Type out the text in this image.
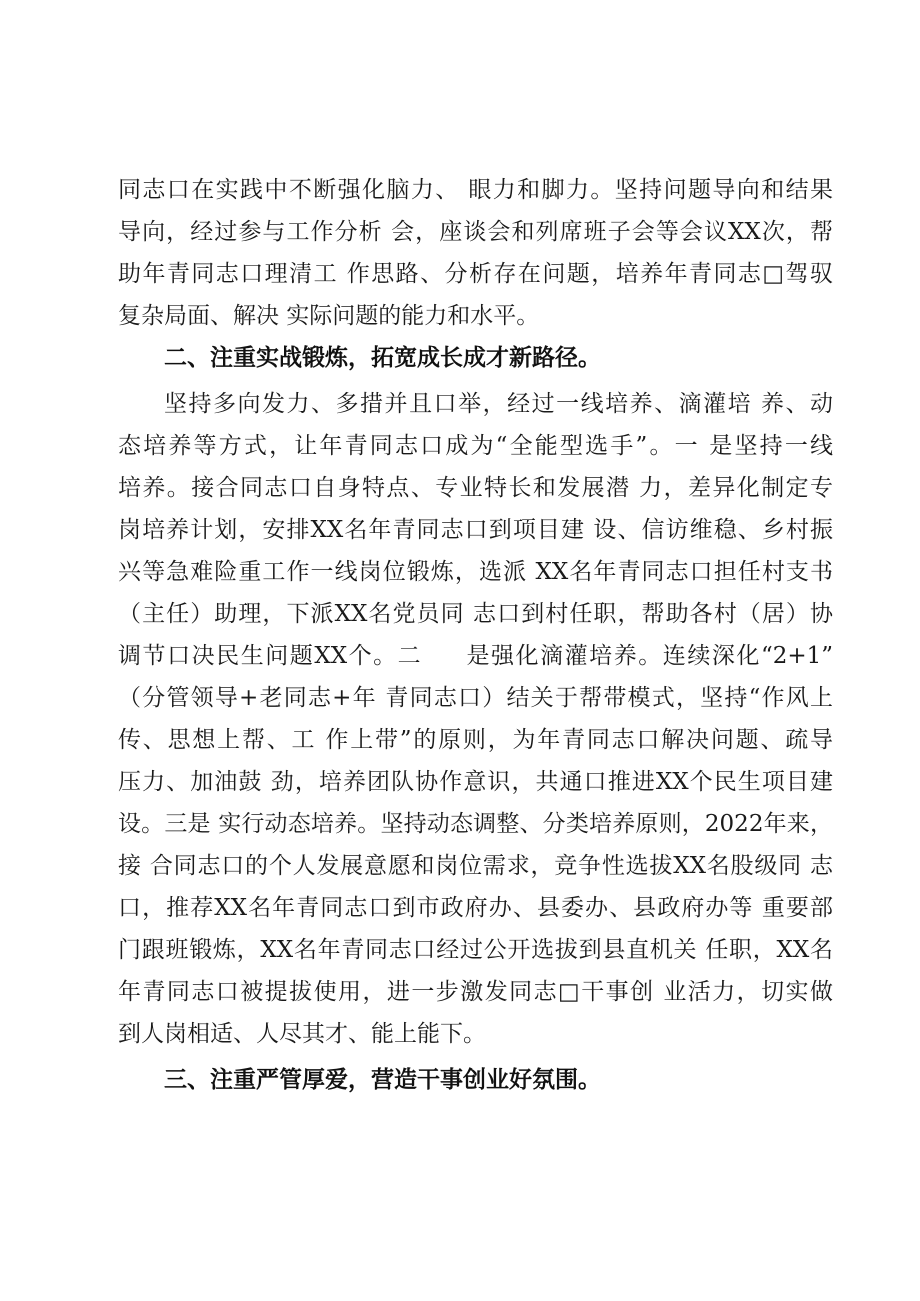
同志口在实践中不断强化脑力、 眼力和脚力。坚持问题导向和结果
导向，经过参与工作分析 会，座谈会和列席班子会等会议XX次，帮
助年青同志口理清工 作思路、分析存在问题，培养年青同志□驾驭
复杂局面、解决 实际问题的能力和水平。
二、注重实战锻炼，拓宽成长成才新路径。
坚持多向发力、多措并且口举，经过一线培养、滴灌培 养、动
态培养等方式，让年青同志口成为“全能型选手”。一 是坚持一线
培养。接合同志口自身特点、专业特长和发展潜 力，差异化制定专
岗培养计划，安排XX名年青同志口到项目建 设、信访维稳、乡村振
兴等急难险重工作一线岗位锻炼，选派 XX名年青同志口担任村支书
（主任）助理，下派XX名党员同 志口到村任职，帮助各村（居）协
调节口决民生问题XX个。二     是强化滴灌培养。连续深化“2+1”
（分管领导+老同志+年 青同志口）结关于帮带模式，坚持“作风上
传、思想上帮、工 作上带”的原则，为年青同志口解决问题、疏导
压力、加油鼓 劲，培养团队协作意识，共通口推进XX个民生项目建
设。三是 实行动态培养。坚持动态调整、分类培养原则，2022年来，
接 合同志口的个人发展意愿和岗位需求，竞争性选拔XX名股级同 志
口，推荐XX名年青同志口到市政府办、县委办、县政府办等 重要部
门跟班锻炼，XX名年青同志口经过公开选拔到县直机关 任职，XX名
年青同志口被提拔使用，进一步激发同志□干事创 业活力，切实做
到人岗相适、人尽其才、能上能下。
三、注重严管厚爱，营造干事创业好氛围。
